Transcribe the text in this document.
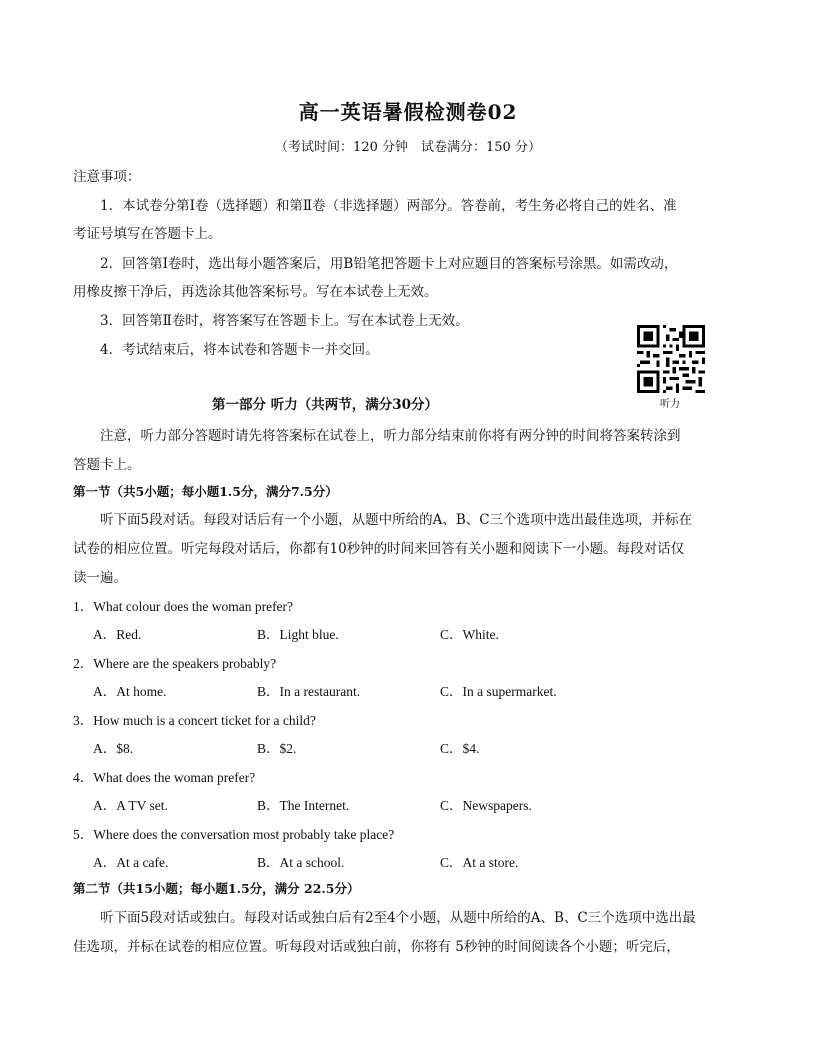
高一英语暑假检测卷02
（考试时间：120 分钟　试卷满分：150 分）
注意事项：
1．本试卷分第Ⅰ卷（选择题）和第Ⅱ卷（非选择题）两部分。答卷前，考生务必将自己的姓名、准
考证号填写在答题卡上。
2．回答第Ⅰ卷时，选出每小题答案后，用B铅笔把答题卡上对应题目的答案标号涂黑。如需改动，
用橡皮擦干净后，再选涂其他答案标号。写在本试卷上无效。
3．回答第Ⅱ卷时，将答案写在答题卡上。写在本试卷上无效。
4．考试结束后，将本试卷和答题卡一并交回。
听力
第一部分 听力（共两节，满分30分）
注意，听力部分答题时请先将答案标在试卷上，听力部分结束前你将有两分钟的时间将答案转涂到
答题卡上。
第一节（共5小题；每小题1.5分，满分7.5分）
听下面5段对话。每段对话后有一个小题，从题中所给的A、B、C三个选项中选出最佳选项，并标在
试卷的相应位置。听完每段对话后，你都有10秒钟的时间来回答有关小题和阅读下一小题。每段对话仅
读一遍。
1．What colour does the woman prefer?
A．Red.	B．Light blue.	C．White.
2．Where are the speakers probably?
A．At home.	B．In a restaurant.	C．In a supermarket.
3．How much is a concert ticket for a child?
A．$8.	B．$2.	C．$4.
4．What does the woman prefer?
A．A TV set.	B．The Internet.	C．Newspapers.
5．Where does the conversation most probably take place?
A．At a cafe.	B．At a school.	C．At a store.
第二节（共15小题；每小题1.5分，满分 22.5分）
听下面5段对话或独白。每段对话或独白后有2至4个小题，从题中所给的A、B、C三个选项中选出最
佳选项，并标在试卷的相应位置。听每段对话或独白前，你将有 5秒钟的时间阅读各个小题；听完后，
